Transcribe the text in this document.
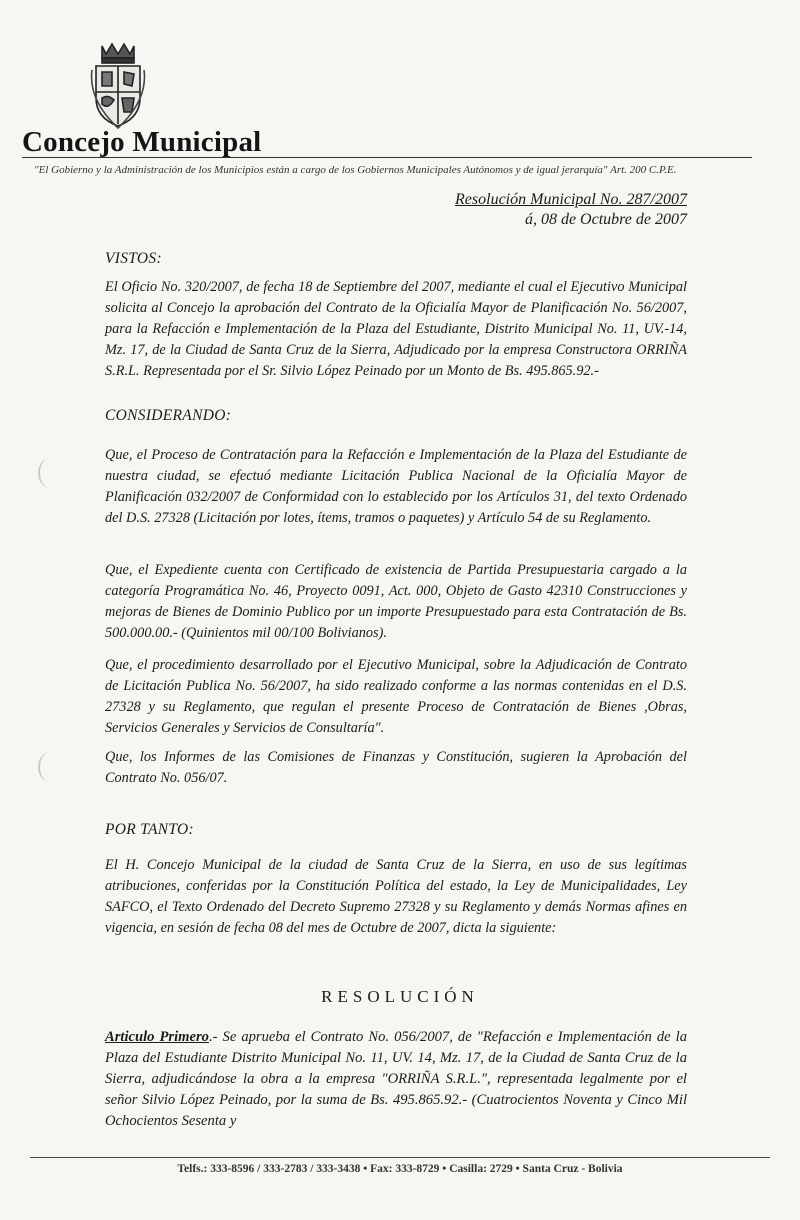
Concejo Municipal
"El Gobierno y la Administración de los Municipios están a cargo de los Gobiernos Municipales Autónomos y de igual jerarquía" Art. 200 C.P.E.
Resolución Municipal No. 287/2007
á, 08 de Octubre de 2007
VISTOS:

El Oficio No. 320/2007, de fecha 18 de Septiembre del 2007, mediante el cual el Ejecutivo Municipal solicita al Concejo la aprobación del Contrato de la Oficialía Mayor de Planificación No. 56/2007, para la Refacción e Implementación de la Plaza del Estudiante, Distrito Municipal No. 11, UV.-14, Mz. 17, de la Ciudad de Santa Cruz de la Sierra, Adjudicado por la empresa Constructora ORRIÑA S.R.L. Representada por el Sr. Silvio López Peinado por un Monto de Bs. 495.865.92.-

CONSIDERANDO:

Que, el Proceso de Contratación para la Refacción e Implementación de la Plaza del Estudiante de nuestra ciudad, se efectuó mediante Licitación Publica Nacional de la Oficialía Mayor de Planificación 032/2007 de Conformidad con lo establecido por los Artículos 31, del texto Ordenado del D.S. 27328 (Licitación por lotes, ítems, tramos o paquetes) y Artículo 54 de su Reglamento.

Que, el Expediente cuenta con Certificado de existencia de Partida Presupuestaria cargado a la categoría Programática No. 46, Proyecto 0091, Act. 000, Objeto de Gasto 42310 Construcciones y mejoras de Bienes de Dominio Publico por un importe Presupuestado para esta Contratación de Bs. 500.000.00.- (Quinientos mil 00/100 Bolivianos).

Que, el procedimiento desarrollado por el Ejecutivo Municipal, sobre la Adjudicación de Contrato de Licitación Publica No. 56/2007, ha sido realizado conforme a las normas contenidas en el D.S. 27328 y su Reglamento, que regulan el presente Proceso de Contratación de Bienes ,Obras, Servicios Generales y Servicios de Consultaría".

Que, los Informes de las Comisiones de Finanzas y Constitución, sugieren la Aprobación del Contrato No. 056/07.

POR TANTO:

El H. Concejo Municipal de la ciudad de Santa Cruz de la Sierra, en uso de sus legítimas atribuciones, conferidas por la Constitución Política del estado, la Ley de Municipalidades, Ley SAFCO, el Texto Ordenado del Decreto Supremo 27328 y su Reglamento y demás Normas afines en vigencia, en sesión de fecha 08 del mes de Octubre de 2007, dicta la siguiente:

RESOLUCIÓN

Articulo Primero.- Se aprueba el Contrato No. 056/2007, de "Refacción e Implementación de la Plaza del Estudiante Distrito Municipal No. 11, UV. 14, Mz. 17, de la Ciudad de Santa Cruz de la Sierra, adjudicándose la obra a la empresa "ORRIÑA S.R.L.", representada legalmente por el señor Silvio López Peinado, por la suma de Bs. 495.865.92.- (Cuatrocientos Noventa y Cinco Mil Ochocientos Sesenta y

Telfs.: 333-8596 / 333-2783 / 333-3438 • Fax: 333-8729 • Casilla: 2729 • Santa Cruz - Bolivia
